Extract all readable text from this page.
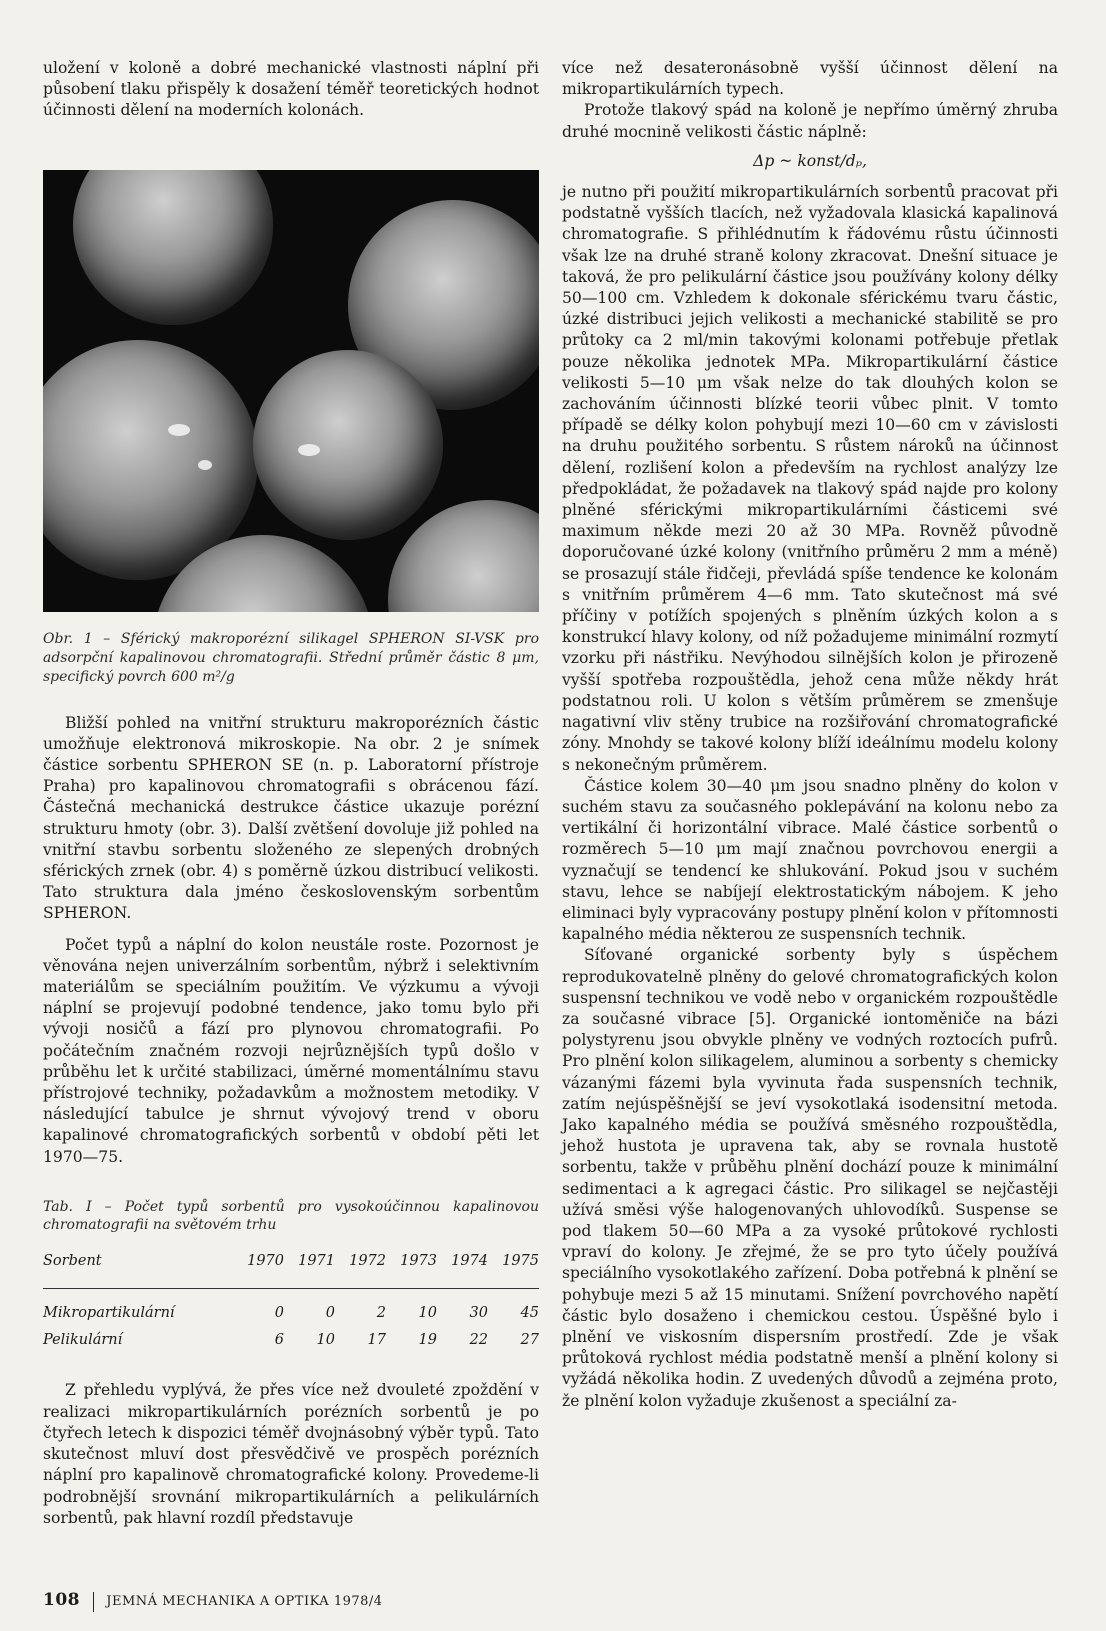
uložení v koloně a dobré mechanické vlastnosti náplní při působení tlaku přispěly k dosažení téměř teoretických hodnot účinnosti dělení na moderních kolonách.

Obr. 1 – Sférický makroporézní silikagel SPHERON SI-VSK pro adsorpční kapalinovou chromatografii. Střední průměr částic 8 μm, specifický povrch 600 m²/g

Bližší pohled na vnitřní strukturu makroporézních částic umožňuje elektronová mikroskopie. Na obr. 2 je snímek částice sorbentu SPHERON SE (n. p. Laboratorní přístroje Praha) pro kapalinovou chromatografii s obrácenou fází. Částečná mechanická destrukce částice ukazuje porézní strukturu hmoty (obr. 3). Další zvětšení dovoluje již pohled na vnitřní stavbu sorbentu složeného ze slepených drobných sférických zrnek (obr. 4) s poměrně úzkou distribucí velikosti. Tato struktura dala jméno československým sorbentům SPHERON.

Počet typů a náplní do kolon neustále roste. Pozornost je věnována nejen univerzálním sorbentům, nýbrž i selektivním materiálům se speciálním použitím. Ve výzkumu a vývoji náplní se projevují podobné tendence, jako tomu bylo při vývoji nosičů a fází pro plynovou chromatografii. Po počátečním značném rozvoji nejrůznějších typů došlo v průběhu let k určité stabilizaci, úměrné momentálnímu stavu přístrojové techniky, požadavkům a možnostem metodiky. V následující tabulce je shrnut vývojový trend v oboru kapalinové chromatografických sorbentů v období pěti let 1970—75.

Tab. I – Počet typů sorbentů pro vysokoúčinnou kapalinovou chromatografii na světovém trhu

Sorbent	1970	1971	1972	1973	1974	1975
Mikropartikulární	0	0	2	10	30	45
Pelikulární	6	10	17	19	22	27

Z přehledu vyplývá, že přes více než dvouleté zpoždění v realizaci mikropartikulárních porézních sorbentů je po čtyřech letech k dispozici téměř dvojnásobný výběr typů. Tato skutečnost mluví dost přesvědčivě ve prospěch porézních náplní pro kapalinově chromatografické kolony. Provedeme-li podrobnější srovnání mikropartikulárních a pelikulárních sorbentů, pak hlavní rozdíl představuje

více než desateronásobně vyšší účinnost dělení na mikropartikulárních typech.

Protože tlakový spád na koloně je nepřímo úměrný zhruba druhé mocnině velikosti částic náplně:

Δp ~ konst/dₚ,

je nutno při použití mikropartikulárních sorbentů pracovat při podstatně vyšších tlacích, než vyžadovala klasická kapalinová chromatografie. S přihlédnutím k řádovému růstu účinnosti však lze na druhé straně kolony zkracovat. Dnešní situace je taková, že pro pelikulární částice jsou používány kolony délky 50—100 cm. Vzhledem k dokonale sférickému tvaru částic, úzké distribuci jejich velikosti a mechanické stabilitě se pro průtoky ca 2 ml/min takovými kolonami potřebuje přetlak pouze několika jednotek MPa. Mikropartikulární částice velikosti 5—10 μm však nelze do tak dlouhých kolon se zachováním účinnosti blízké teorii vůbec plnit. V tomto případě se délky kolon pohybují mezi 10—60 cm v závislosti na druhu použitého sorbentu. S růstem nároků na účinnost dělení, rozlišení kolon a především na rychlost analýzy lze předpokládat, že požadavek na tlakový spád najde pro kolony plněné sférickými mikropartikulárními částicemi své maximum někde mezi 20 až 30 MPa. Rovněž původně doporučované úzké kolony (vnitřního průměru 2 mm a méně) se prosazují stále řidčeji, převládá spíše tendence ke kolonám s vnitřním průměrem 4—6 mm. Tato skutečnost má své příčiny v potížích spojených s plněním úzkých kolon a s konstrukcí hlavy kolony, od níž požadujeme minimální rozmytí vzorku při nástřiku. Nevýhodou silnějších kolon je přirozeně vyšší spotřeba rozpouštědla, jehož cena může někdy hrát podstatnou roli. U kolon s větším průměrem se zmenšuje nagativní vliv stěny trubice na rozšiřování chromatografické zóny. Mnohdy se takové kolony blíží ideálnímu modelu kolony s nekonečným průměrem.

Částice kolem 30—40 μm jsou snadno plněny do kolon v suchém stavu za současného poklepávání na kolonu nebo za vertikální či horizontální vibrace. Malé částice sorbentů o rozměrech 5—10 μm mají značnou povrchovou energii a vyznačují se tendencí ke shlukování. Pokud jsou v suchém stavu, lehce se nabíjejí elektrostatickým nábojem. K jeho eliminaci byly vypracovány postupy plnění kolon v přítomnosti kapalného média některou ze suspensních technik.

Síťované organické sorbenty byly s úspěchem reprodukovatelně plněny do gelové chromatografických kolon suspensní technikou ve vodě nebo v organickém rozpouštědle za současné vibrace [5]. Organické iontoměniče na bázi polystyrenu jsou obvykle plněny ve vodných roztocích pufrů. Pro plnění kolon silikagelem, aluminou a sorbenty s chemicky vázanými fázemi byla vyvinuta řada suspensních technik, zatím nejúspěšnější se jeví vysokotlaká isodensitní metoda. Jako kapalného média se používá směsného rozpouštědla, jehož hustota je upravena tak, aby se rovnala hustotě sorbentu, takže v průběhu plnění dochází pouze k minimální sedimentaci a k agregaci částic. Pro silikagel se nejčastěji užívá směsi výše halogenovaných uhlovodíků. Suspense se pod tlakem 50—60 MPa a za vysoké průtokové rychlosti vpraví do kolony. Je zřejmé, že se pro tyto účely používá speciálního vysokotlakého zařízení. Doba potřebná k plnění se pohybuje mezi 5 až 15 minutami. Snížení povrchového napětí částic bylo dosaženo i chemickou cestou. Úspěšné bylo i plnění ve viskosním dispersním prostředí. Zde je však průtoková rychlost média podstatně menší a plnění kolony si vyžádá několika hodin. Z uvedených důvodů a zejména proto, že plnění kolon vyžaduje zkušenost a speciální za-

108 JEMNÁ MECHANIKA A OPTIKA 1978/4
